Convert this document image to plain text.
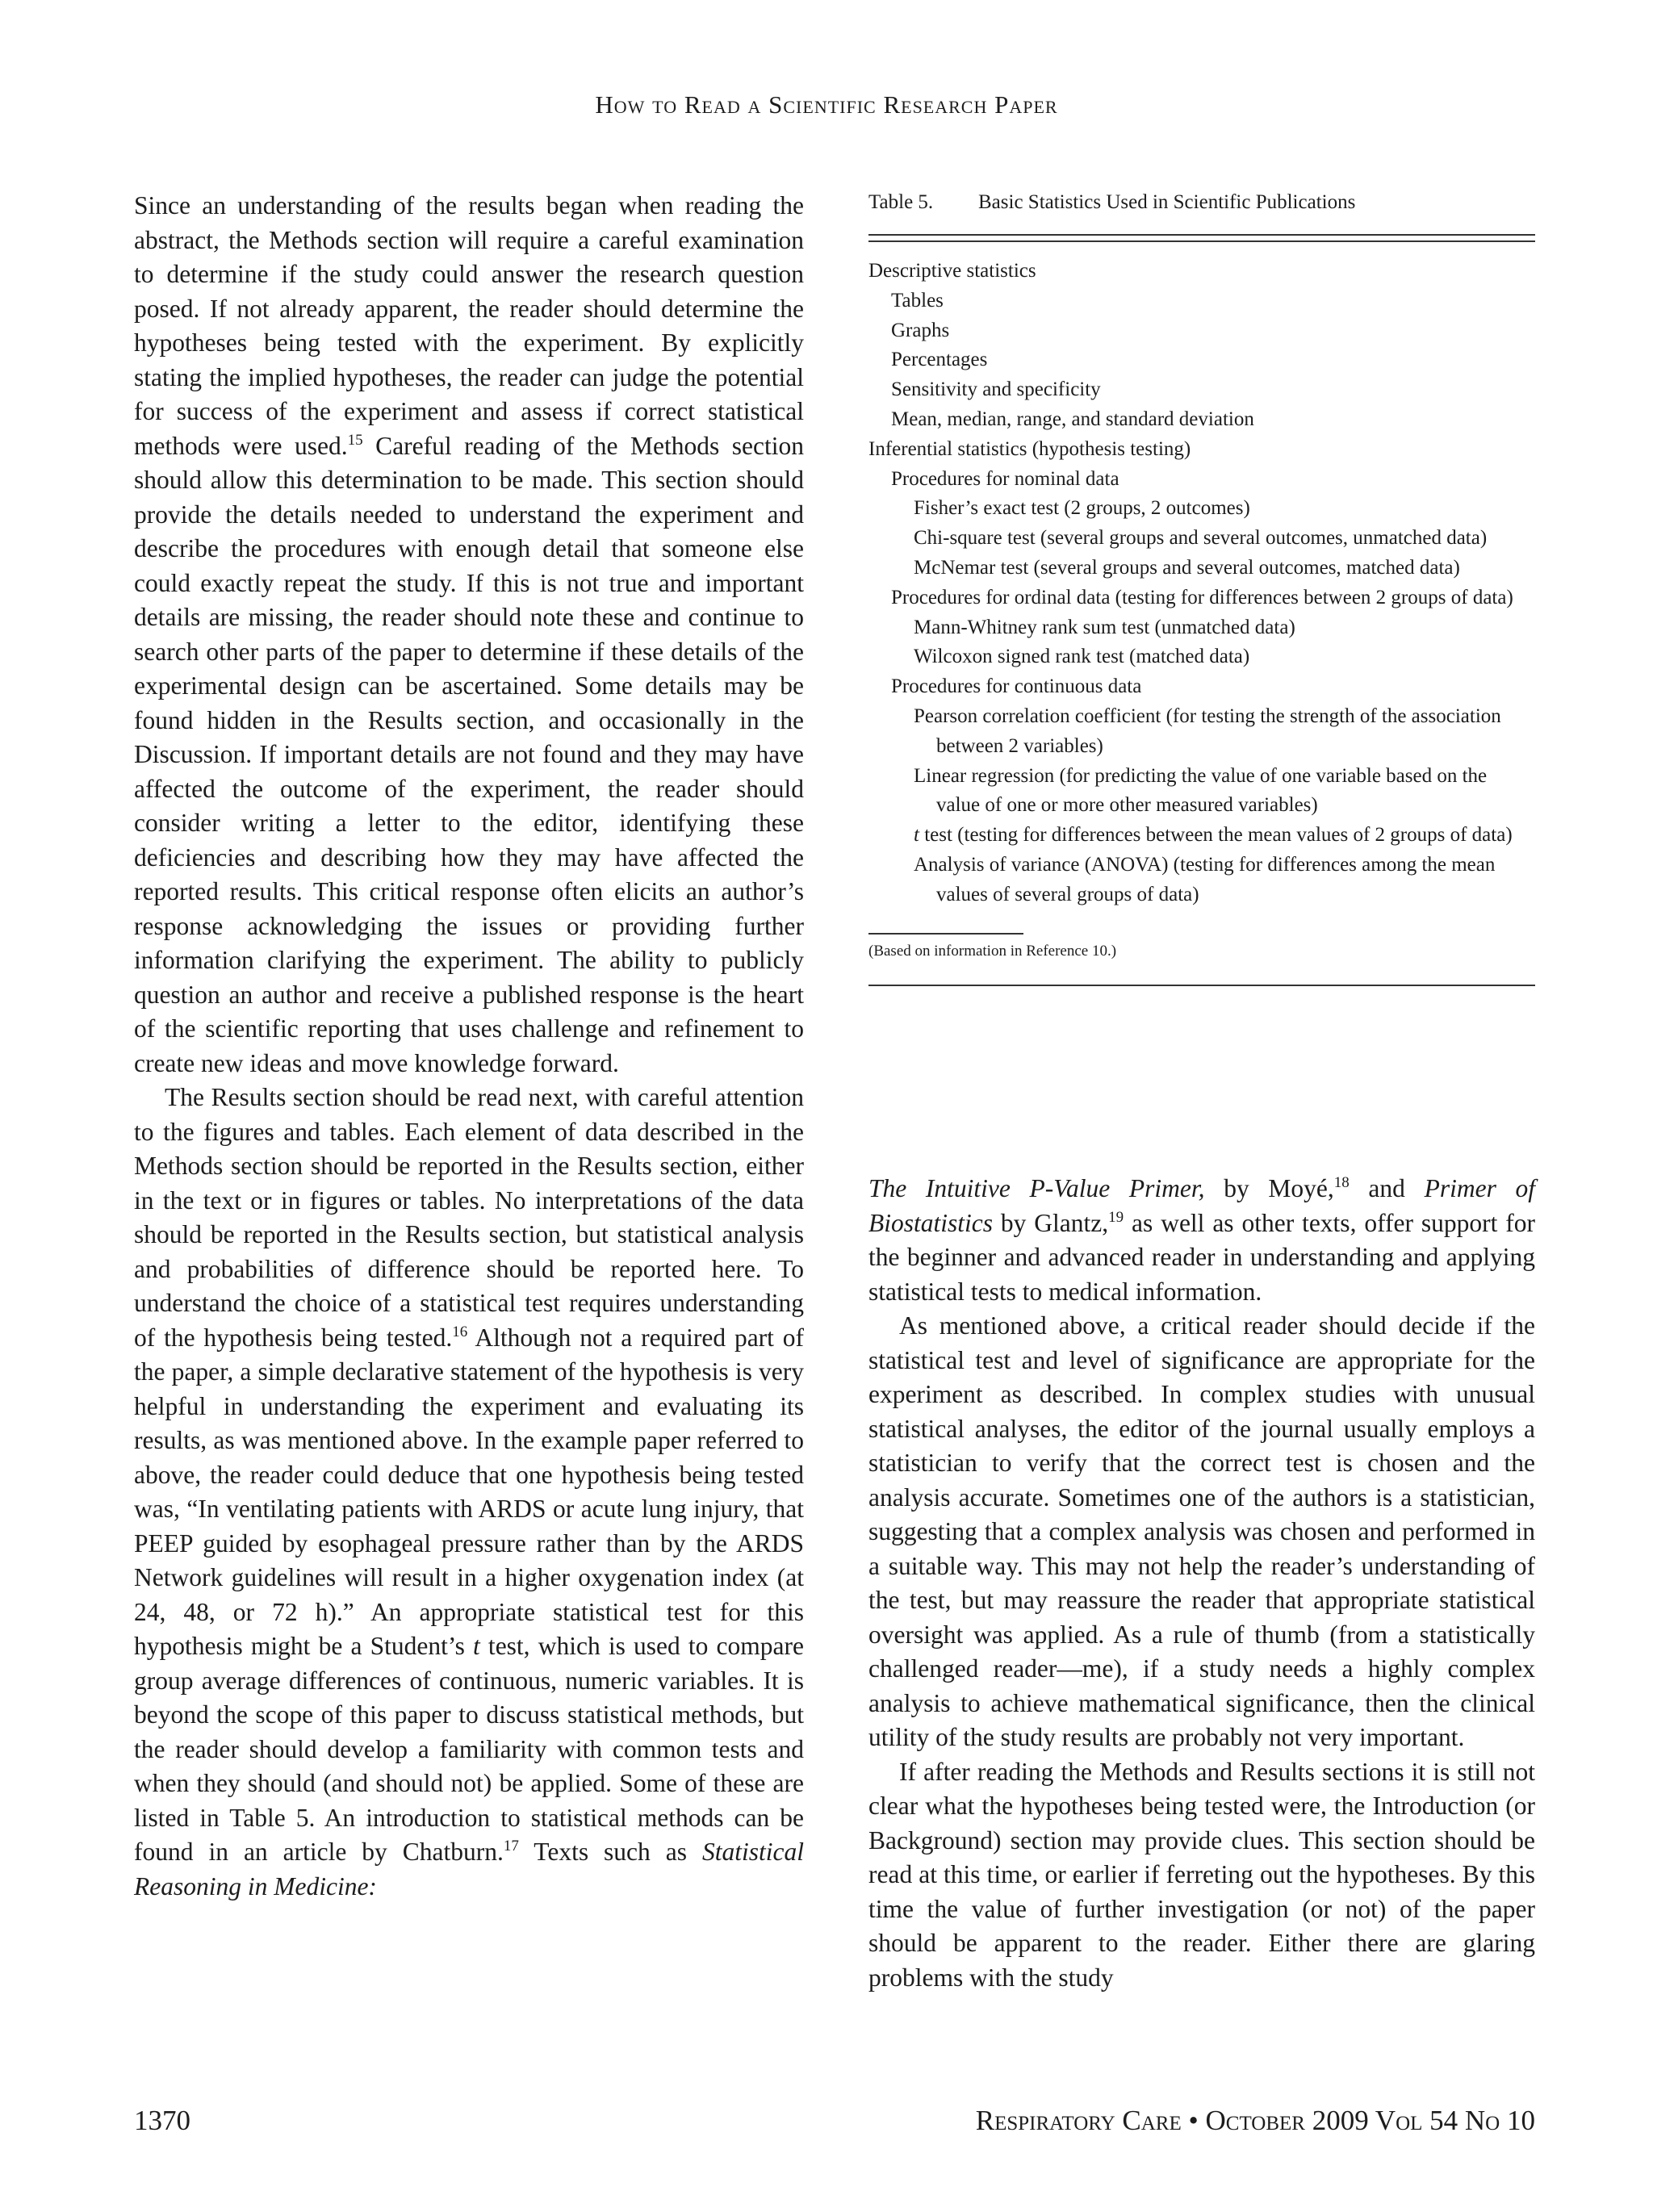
How to Read a Scientific Research Paper

Since an understanding of the results began when reading the abstract, the Methods section will require a careful examination to determine if the study could answer the research question posed. If not already apparent, the reader should determine the hypotheses being tested with the experiment. By explicitly stating the implied hypotheses, the reader can judge the potential for success of the experiment and assess if correct statistical methods were used.$^{15}$ Careful reading of the Methods section should allow this determination to be made. This section should provide the details needed to understand the experiment and describe the procedures with enough detail that someone else could exactly repeat the study. If this is not true and important details are missing, the reader should note these and continue to search other parts of the paper to determine if these details of the experimental design can be ascertained. Some details may be found hidden in the Results section, and occasionally in the Discussion. If important details are not found and they may have affected the outcome of the experiment, the reader should consider writing a letter to the editor, identifying these deficiencies and describing how they may have affected the reported results. This critical response often elicits an author’s response acknowledging the issues or providing further information clarifying the experiment. The ability to publicly question an author and receive a published response is the heart of the scientific reporting that uses challenge and refinement to create new ideas and move knowledge forward.

The Results section should be read next, with careful attention to the figures and tables. Each element of data described in the Methods section should be reported in the Results section, either in the text or in figures or tables. No interpretations of the data should be reported in the Results section, but statistical analysis and probabilities of difference should be reported here. To understand the choice of a statistical test requires understanding of the hypothesis being tested.$^{16}$ Although not a required part of the paper, a simple declarative statement of the hypothesis is very helpful in understanding the experiment and evaluating its results, as was mentioned above. In the example paper referred to above, the reader could deduce that one hypothesis being tested was, “In ventilating patients with ARDS or acute lung injury, that PEEP guided by esophageal pressure rather than by the ARDS Network guidelines will result in a higher oxygenation index (at 24, 48, or 72 h).” An appropriate statistical test for this hypothesis might be a Student’s t test, which is used to compare group average differences of continuous, numeric variables. It is beyond the scope of this paper to discuss statistical methods, but the reader should develop a familiarity with common tests and when they should (and should not) be applied. Some of these are listed in Table 5. An introduction to statistical methods can be found in an article by Chatburn.$^{17}$ Texts such as Statistical Reasoning in Medicine:

Table 5. Basic Statistics Used in Scientific Publications

Descriptive statistics
Tables
Graphs
Percentages
Sensitivity and specificity
Mean, median, range, and standard deviation
Inferential statistics (hypothesis testing)
Procedures for nominal data
Fisher’s exact test (2 groups, 2 outcomes)
Chi-square test (several groups and several outcomes, unmatched data)
McNemar test (several groups and several outcomes, matched data)
Procedures for ordinal data (testing for differences between 2 groups of data)
Mann-Whitney rank sum test (unmatched data)
Wilcoxon signed rank test (matched data)
Procedures for continuous data
Pearson correlation coefficient (for testing the strength of the association between 2 variables)
Linear regression (for predicting the value of one variable based on the value of one or more other measured variables)
t test (testing for differences between the mean values of 2 groups of data)
Analysis of variance (ANOVA) (testing for differences among the mean values of several groups of data)
(Based on information in Reference 10.)

The Intuitive P-Value Primer, by Moyé,$^{18}$ and Primer of Biostatistics by Glantz,$^{19}$ as well as other texts, offer support for the beginner and advanced reader in understanding and applying statistical tests to medical information.

As mentioned above, a critical reader should decide if the statistical test and level of significance are appropriate for the experiment as described. In complex studies with unusual statistical analyses, the editor of the journal usually employs a statistician to verify that the correct test is chosen and the analysis accurate. Sometimes one of the authors is a statistician, suggesting that a complex analysis was chosen and performed in a suitable way. This may not help the reader’s understanding of the test, but may reassure the reader that appropriate statistical oversight was applied. As a rule of thumb (from a statistically challenged reader—me), if a study needs a highly complex analysis to achieve mathematical significance, then the clinical utility of the study results are probably not very important.

If after reading the Methods and Results sections it is still not clear what the hypotheses being tested were, the Introduction (or Background) section may provide clues. This section should be read at this time, or earlier if ferreting out the hypotheses. By this time the value of further investigation (or not) of the paper should be apparent to the reader. Either there are glaring problems with the study

1370	Respiratory Care • October 2009 Vol 54 No 10
